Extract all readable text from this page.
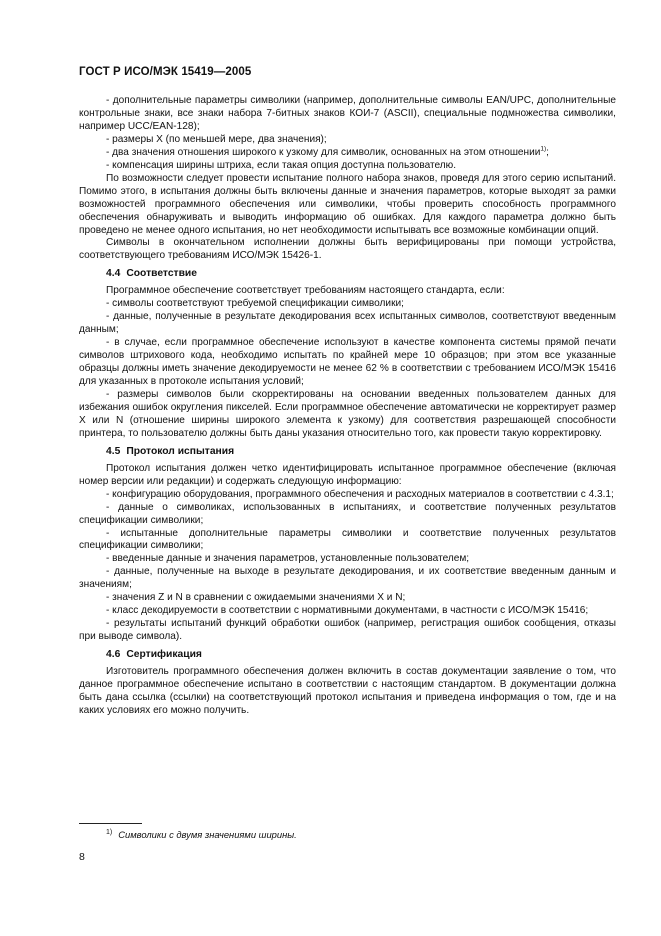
ГОСТ Р ИСО/МЭК 15419—2005

- дополнительные параметры символики (например, дополнительные символы EAN/UPC, дополнительные контрольные знаки, все знаки набора 7-битных знаков КОИ-7 (ASCII), специальные подмножества символики, например UCC/EAN-128);

- размеры X (по меньшей мере, два значения);

- два значения отношения широкого к узкому для символик, основанных на этом отношении$^{1)}$;

- компенсация ширины штриха, если такая опция доступна пользователю.

По возможности следует провести испытание полного набора знаков, проведя для этого серию испытаний. Помимо этого, в испытания должны быть включены данные и значения параметров, которые выходят за рамки возможностей программного обеспечения или символики, чтобы проверить способность программного обеспечения обнаруживать и выводить информацию об ошибках. Для каждого параметра должно быть проведено не менее одного испытания, но нет необходимости испытывать все возможные комбинации опций.

Символы в окончательном исполнении должны быть верифицированы при помощи устройства, соответствующего требованиям ИСО/МЭК 15426-1.

4.4 Соответствие

Программное обеспечение соответствует требованиям настоящего стандарта, если:

- символы соответствуют требуемой спецификации символики;

- данные, полученные в результате декодирования всех испытанных символов, соответствуют введенным данным;

- в случае, если программное обеспечение используют в качестве компонента системы прямой печати символов штрихового кода, необходимо испытать по крайней мере 10 образцов; при этом все указанные образцы должны иметь значение декодируемости не менее 62 % в соответствии с требованием ИСО/МЭК 15416 для указанных в протоколе испытания условий;

- размеры символов были скорректированы на основании введенных пользователем данных для избежания ошибок округления пикселей. Если программное обеспечение автоматически не корректирует размер X или N (отношение ширины широкого элемента к узкому) для соответствия разрешающей способности принтера, то пользователю должны быть даны указания относительно того, как провести такую корректировку.

4.5 Протокол испытания

Протокол испытания должен четко идентифицировать испытанное программное обеспечение (включая номер версии или редакции) и содержать следующую информацию:

- конфигурацию оборудования, программного обеспечения и расходных материалов в соответствии с 4.3.1;

- данные о символиках, использованных в испытаниях, и соответствие полученных результатов спецификации символики;

- испытанные дополнительные параметры символики и соответствие полученных результатов спецификации символики;

- введенные данные и значения параметров, установленные пользователем;

- данные, полученные на выходе в результате декодирования, и их соответствие введенным данным и значениям;

- значения Z и N в сравнении с ожидаемыми значениями X и N;

- класс декодируемости в соответствии с нормативными документами, в частности с ИСО/МЭК 15416;

- результаты испытаний функций обработки ошибок (например, регистрация ошибок сообщения, отказы при выводе символа).

4.6 Сертификация

Изготовитель программного обеспечения должен включить в состав документации заявление о том, что данное программное обеспечение испытано в соответствии с настоящим стандартом. В документации должна быть дана ссылка (ссылки) на соответствующий протокол испытания и приведена информация о том, где и на каких условиях его можно получить.

$^{1)}$ Символики с двумя значениями ширины.
8
